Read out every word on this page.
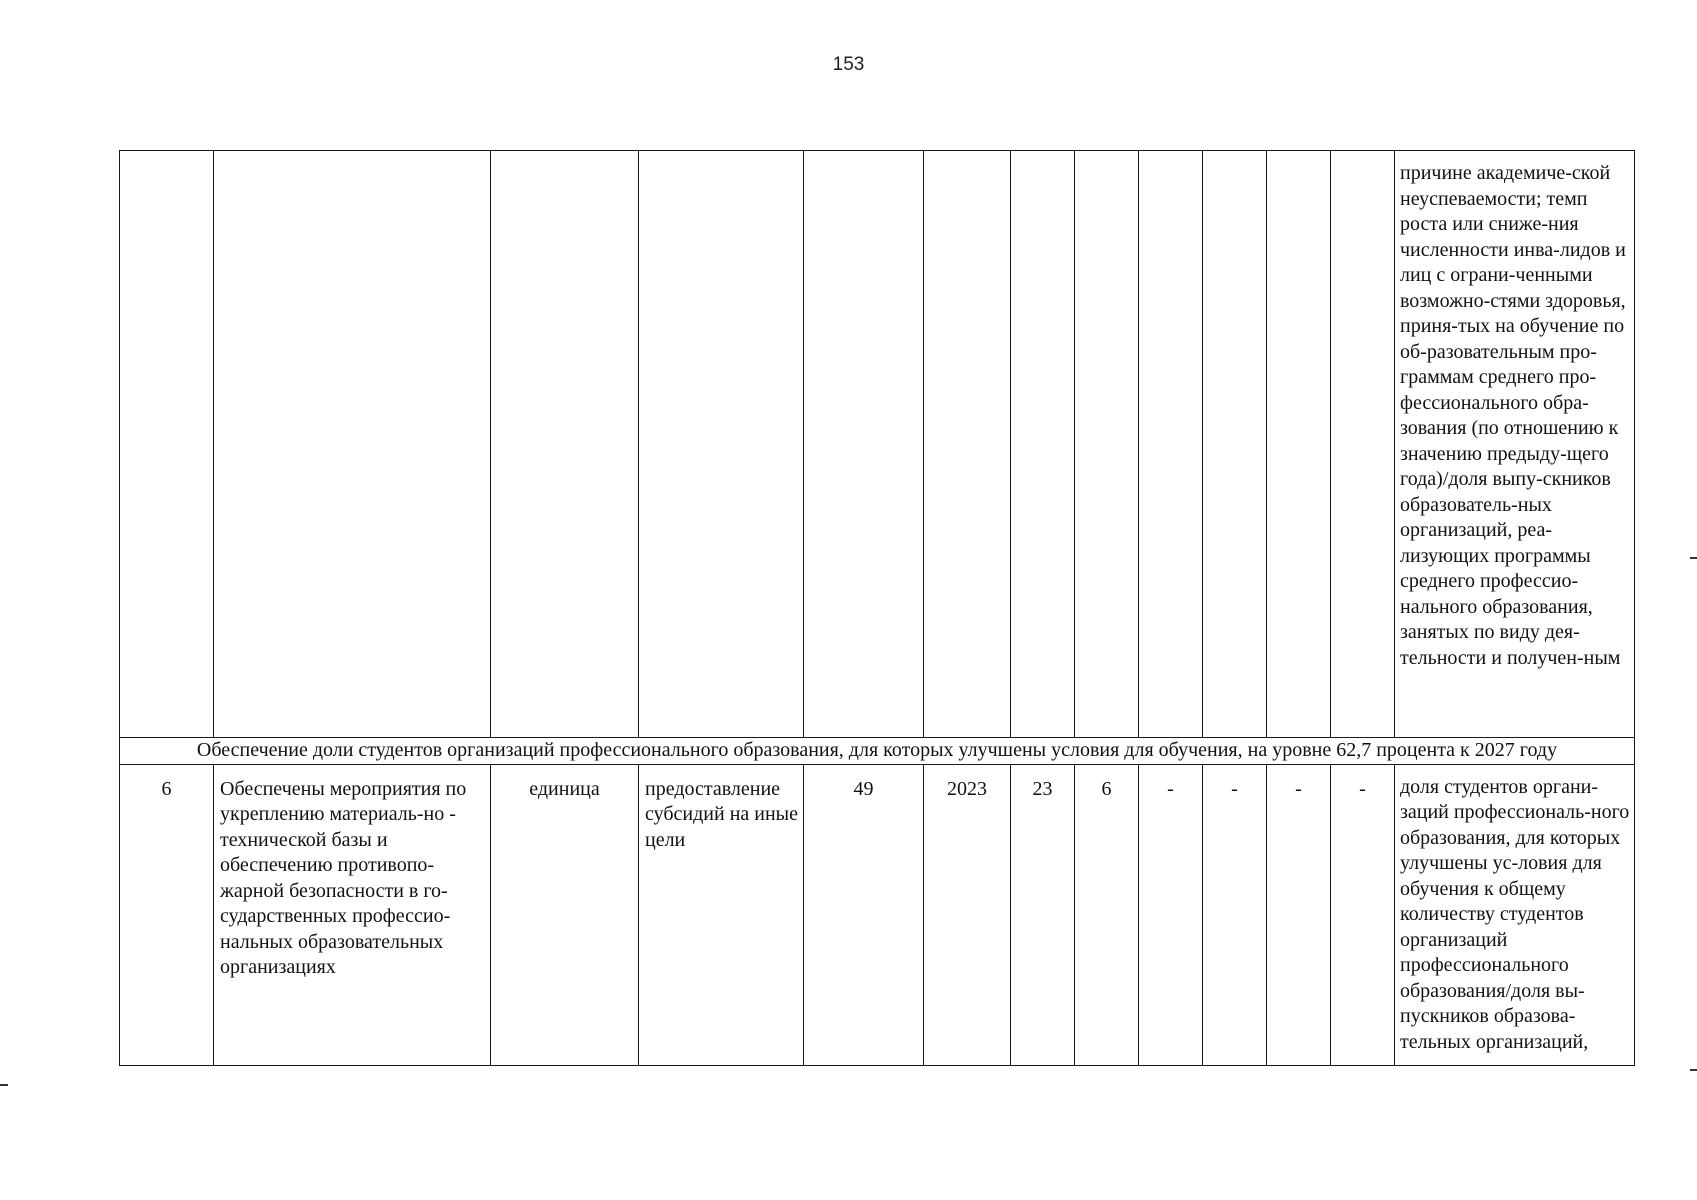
153

												причине академиче-ской неуспеваемости; темп роста или сниже-ния численности инва-лидов и лиц с ограни-ченными возможно-стями здоровья, приня-тых на обучение по об-разовательным про-граммам среднего про-фессионального обра-зования (по отношению к значению предыду-щего года)/доля выпу-скников образователь-ных организаций, реа-лизующих программы среднего профессио-нального образования, занятых по виду дея-тельности и получен-ным

Обеспечение доли студентов организаций профессионального образования, для которых улучшены условия для обучения, на уровне 62,7 процента к 2027 году												

6	Обеспечены мероприятия по укреплению материаль-но - технической базы и обеспечению противопо-жарной безопасности в го-сударственных профессио-нальных образовательных организациях	единица	предоставление субсидий на иные цели	49	2023	23	6	-	-	-	-	доля студентов органи-заций профессиональ-ного образования, для которых улучшены ус-ловия для обучения к общему количеству студентов организаций профессионального образования/доля вы-пускников образова-тельных организаций,
